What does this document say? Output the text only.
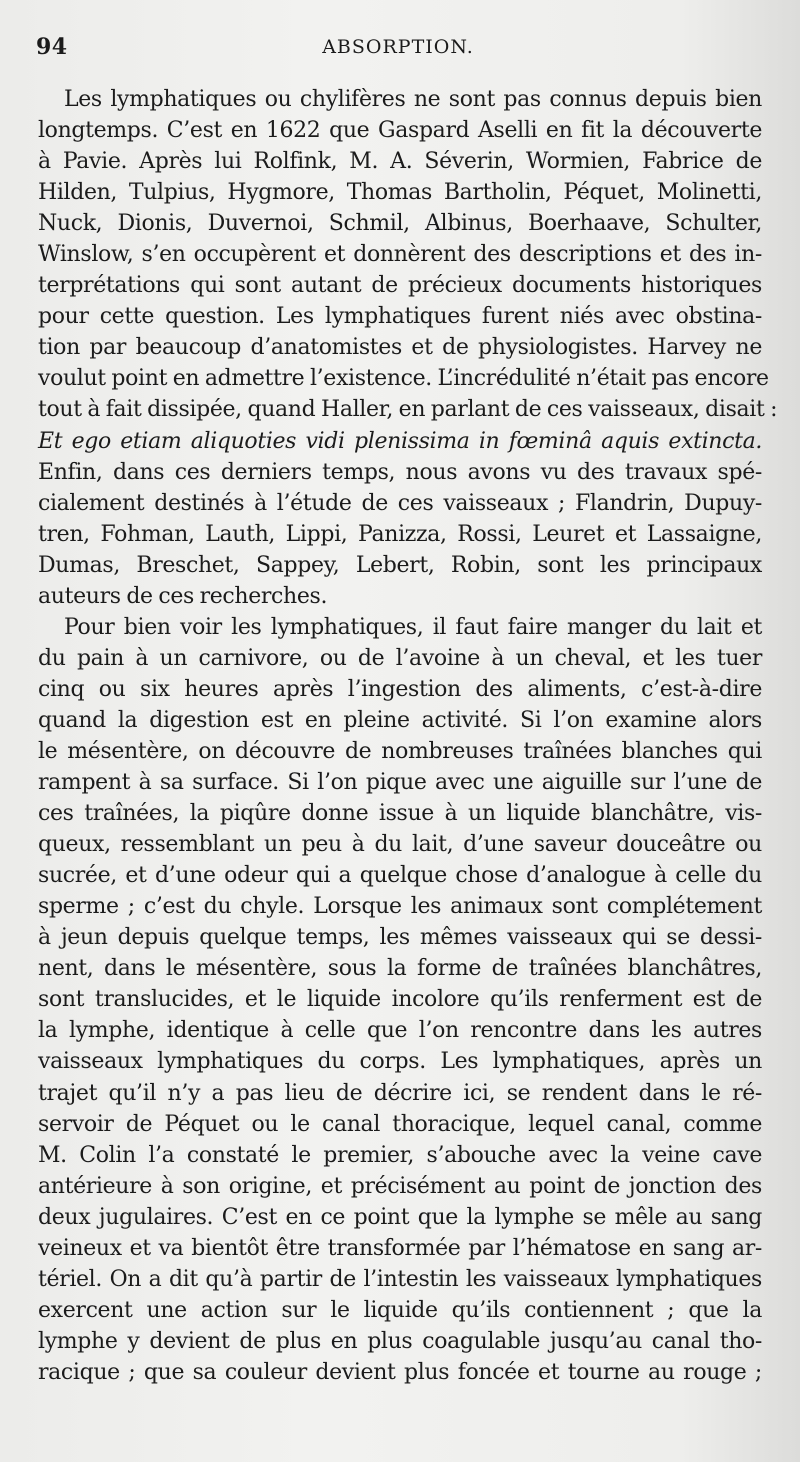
94	ABSORPTION.
Les lymphatiques ou chylifères ne sont pas connus depuis bien
longtemps. C’est en 1622 que Gaspard Aselli en fit la découverte
à Pavie. Après lui Rolfink, M. A. Séverin, Wormien, Fabrice de
Hilden, Tulpius, Hygmore, Thomas Bartholin, Péquet, Molinetti,
Nuck, Dionis, Duvernoi, Schmil, Albinus, Boerhaave, Schulter,
Winslow, s’en occupèrent et donnèrent des descriptions et des in-
terprétations qui sont autant de précieux documents historiques
pour cette question. Les lymphatiques furent niés avec obstina-
tion par beaucoup d’anatomistes et de physiologistes. Harvey ne
voulut point en admettre l’existence. L’incrédulité n’était pas encore
tout à fait dissipée, quand Haller, en parlant de ces vaisseaux, disait :
Et ego etiam aliquoties vidi plenissima in fœminâ aquis extincta.
Enfin, dans ces derniers temps, nous avons vu des travaux spé-
cialement destinés à l’étude de ces vaisseaux ; Flandrin, Dupuy-
tren, Fohman, Lauth, Lippi, Panizza, Rossi, Leuret et Lassaigne,
Dumas, Breschet, Sappey, Lebert, Robin, sont les principaux
auteurs de ces recherches.
Pour bien voir les lymphatiques, il faut faire manger du lait et
du pain à un carnivore, ou de l’avoine à un cheval, et les tuer
cinq ou six heures après l’ingestion des aliments, c’est-à-dire
quand la digestion est en pleine activité. Si l’on examine alors
le mésentère, on découvre de nombreuses traînées blanches qui
rampent à sa surface. Si l’on pique avec une aiguille sur l’une de
ces traînées, la piqûre donne issue à un liquide blanchâtre, vis-
queux, ressemblant un peu à du lait, d’une saveur douceâtre ou
sucrée, et d’une odeur qui a quelque chose d’analogue à celle du
sperme ; c’est du chyle. Lorsque les animaux sont complétement
à jeun depuis quelque temps, les mêmes vaisseaux qui se dessi-
nent, dans le mésentère, sous la forme de traînées blanchâtres,
sont translucides, et le liquide incolore qu’ils renferment est de
la lymphe, identique à celle que l’on rencontre dans les autres
vaisseaux lymphatiques du corps. Les lymphatiques, après un
trajet qu’il n’y a pas lieu de décrire ici, se rendent dans le ré-
servoir de Péquet ou le canal thoracique, lequel canal, comme
M. Colin l’a constaté le premier, s’abouche avec la veine cave
antérieure à son origine, et précisément au point de jonction des
deux jugulaires. C’est en ce point que la lymphe se mêle au sang
veineux et va bientôt être transformée par l’hématose en sang ar-
tériel. On a dit qu’à partir de l’intestin les vaisseaux lymphatiques
exercent une action sur le liquide qu’ils contiennent ; que la
lymphe y devient de plus en plus coagulable jusqu’au canal tho-
racique ; que sa couleur devient plus foncée et tourne au rouge ;
